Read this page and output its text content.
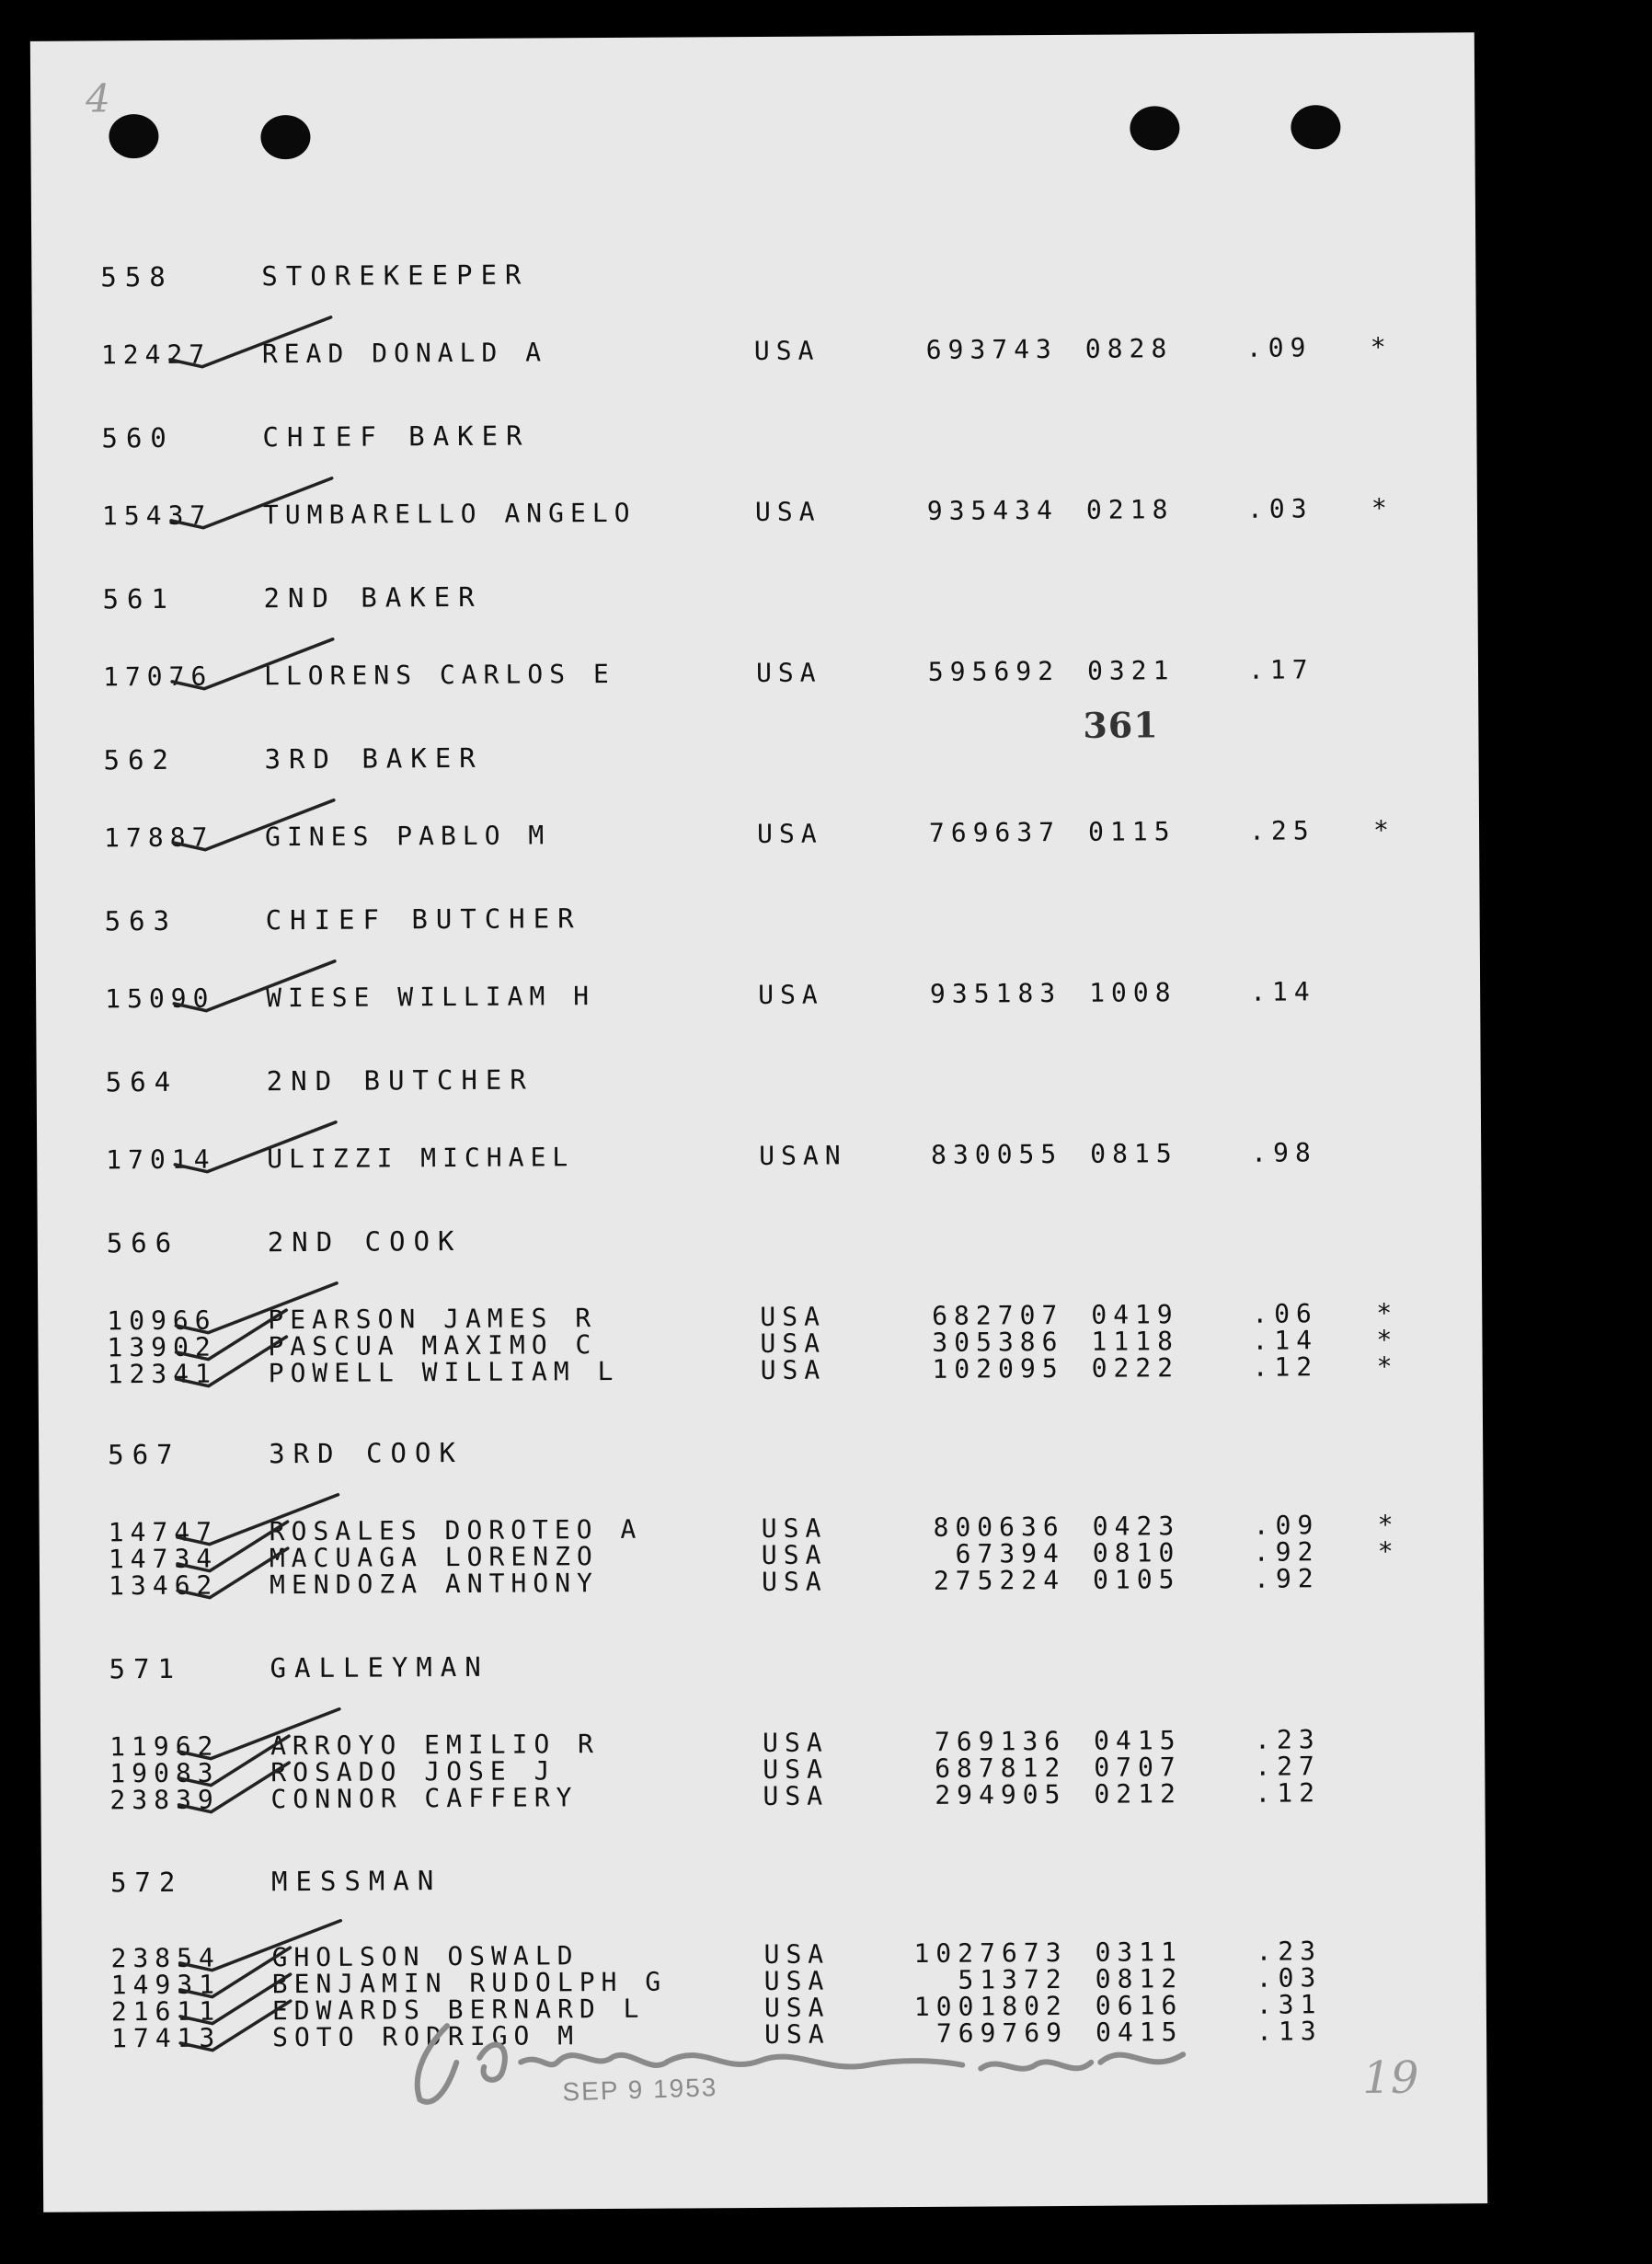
4
361
SEP 9 1953	19
558	STOREKEEPER
12427 READ DONALD A	USA	693743 0828	.09 *
560	CHIEF BAKER
15437 TUMBARELLO ANGELO	USA	935434 0218	.03 *
561	2ND BAKER
17076 LLORENS CARLOS E	USA	595692 0321	.17
562	3RD BAKER
17887 GINES PABLO M	USA	769637 0115	.25 *
563	CHIEF BUTCHER
15090 WIESE WILLIAM H	USA	935183 1008	.14
564	2ND BUTCHER
17014 ULIZZI MICHAEL	USAN	830055 0815	.98
566	2ND COOK
10966 PEARSON JAMES R	USA	682707 0419	.06 *
13902 PASCUA MAXIMO C	USA	305386 1118	.14 *
12341 POWELL WILLIAM L	USA	102095 0222	.12 *
567	3RD COOK
14747 ROSALES DOROTEO A	USA	800636 0423	.09 *
14734 MACUAGA LORENZO	USA	67394 0810	.92 *
13462 MENDOZA ANTHONY	USA	275224 0105	.92
571	GALLEYMAN
11962 ARROYO EMILIO R	USA	769136 0415	.23
19083 ROSADO JOSE J	USA	687812 0707	.27
23839 CONNOR CAFFERY	USA	294905 0212	.12
572	MESSMAN
23854 GHOLSON OSWALD	USA	1027673 0311	.23
14931 BENJAMIN RUDOLPH G	USA	51372 0812	.03
21611 EDWARDS BERNARD L	USA	1001802 0616	.31
17413 SOTO RODRIGO M	USA	769769 0415	.13
